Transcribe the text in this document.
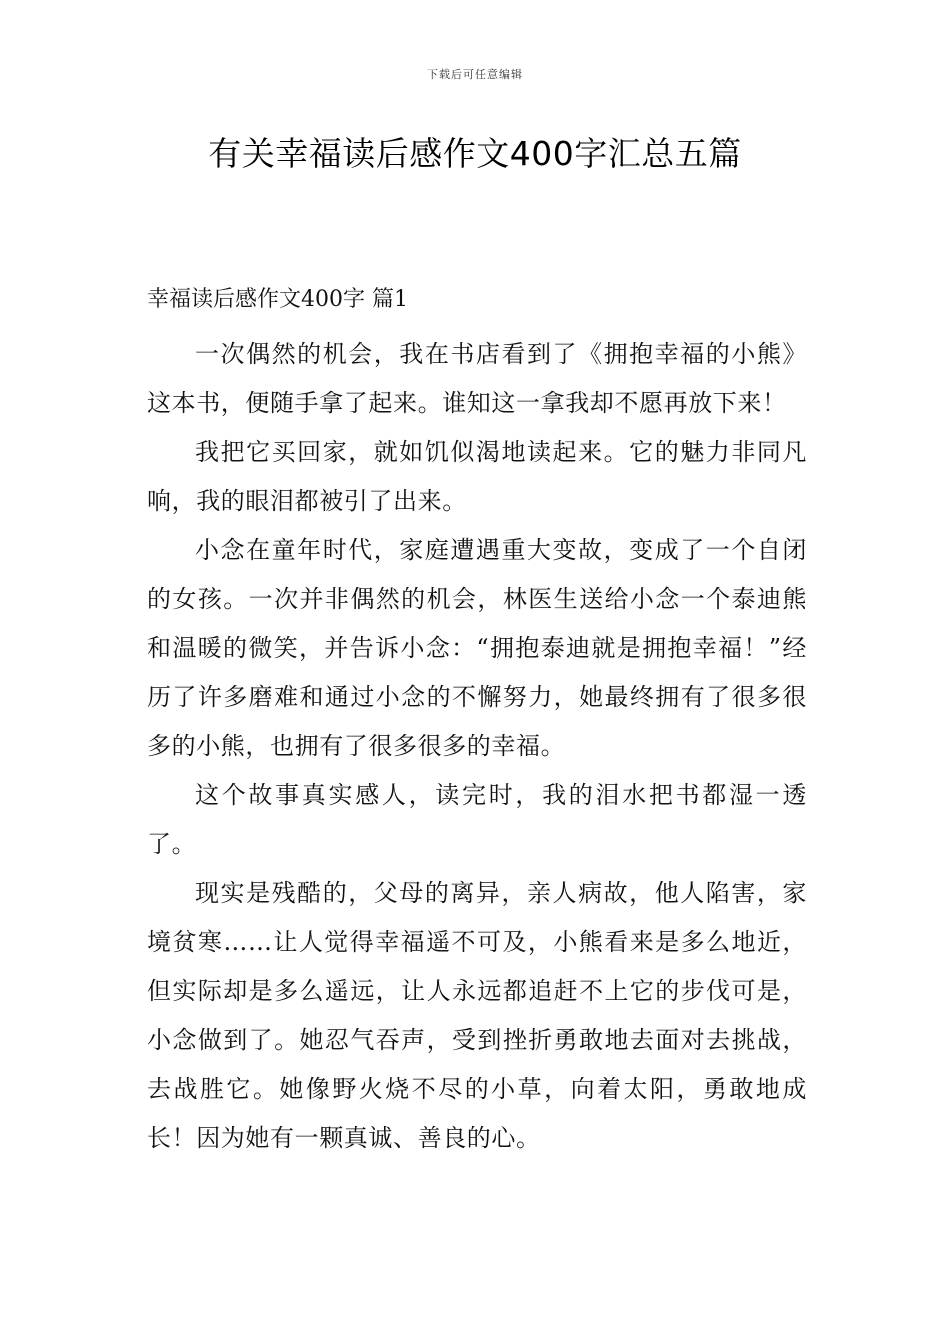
下载后可任意编辑
有关幸福读后感作文400字汇总五篇
幸福读后感作文400字 篇1

一次偶然的机会，我在书店看到了《拥抱幸福的小熊》这本书，便随手拿了起来。谁知这一拿我却不愿再放下来！

我把它买回家，就如饥似渴地读起来。它的魅力非同凡响，我的眼泪都被引了出来。

小念在童年时代，家庭遭遇重大变故，变成了一个自闭的女孩。一次并非偶然的机会，林医生送给小念一个泰迪熊和温暖的微笑，并告诉小念：“拥抱泰迪就是拥抱幸福！”经历了许多磨难和通过小念的不懈努力，她最终拥有了很多很多的小熊，也拥有了很多很多的幸福。

这个故事真实感人，读完时，我的泪水把书都湿一透了。

现实是残酷的，父母的离异，亲人病故，他人陷害，家境贫寒……让人觉得幸福遥不可及，小熊看来是多么地近，但实际却是多么遥远，让人永远都追赶不上它的步伐可是，小念做到了。她忍气吞声，受到挫折勇敢地去面对去挑战，去战胜它。她像野火烧不尽的小草，向着太阳，勇敢地成长！因为她有一颗真诚、善良的心。
